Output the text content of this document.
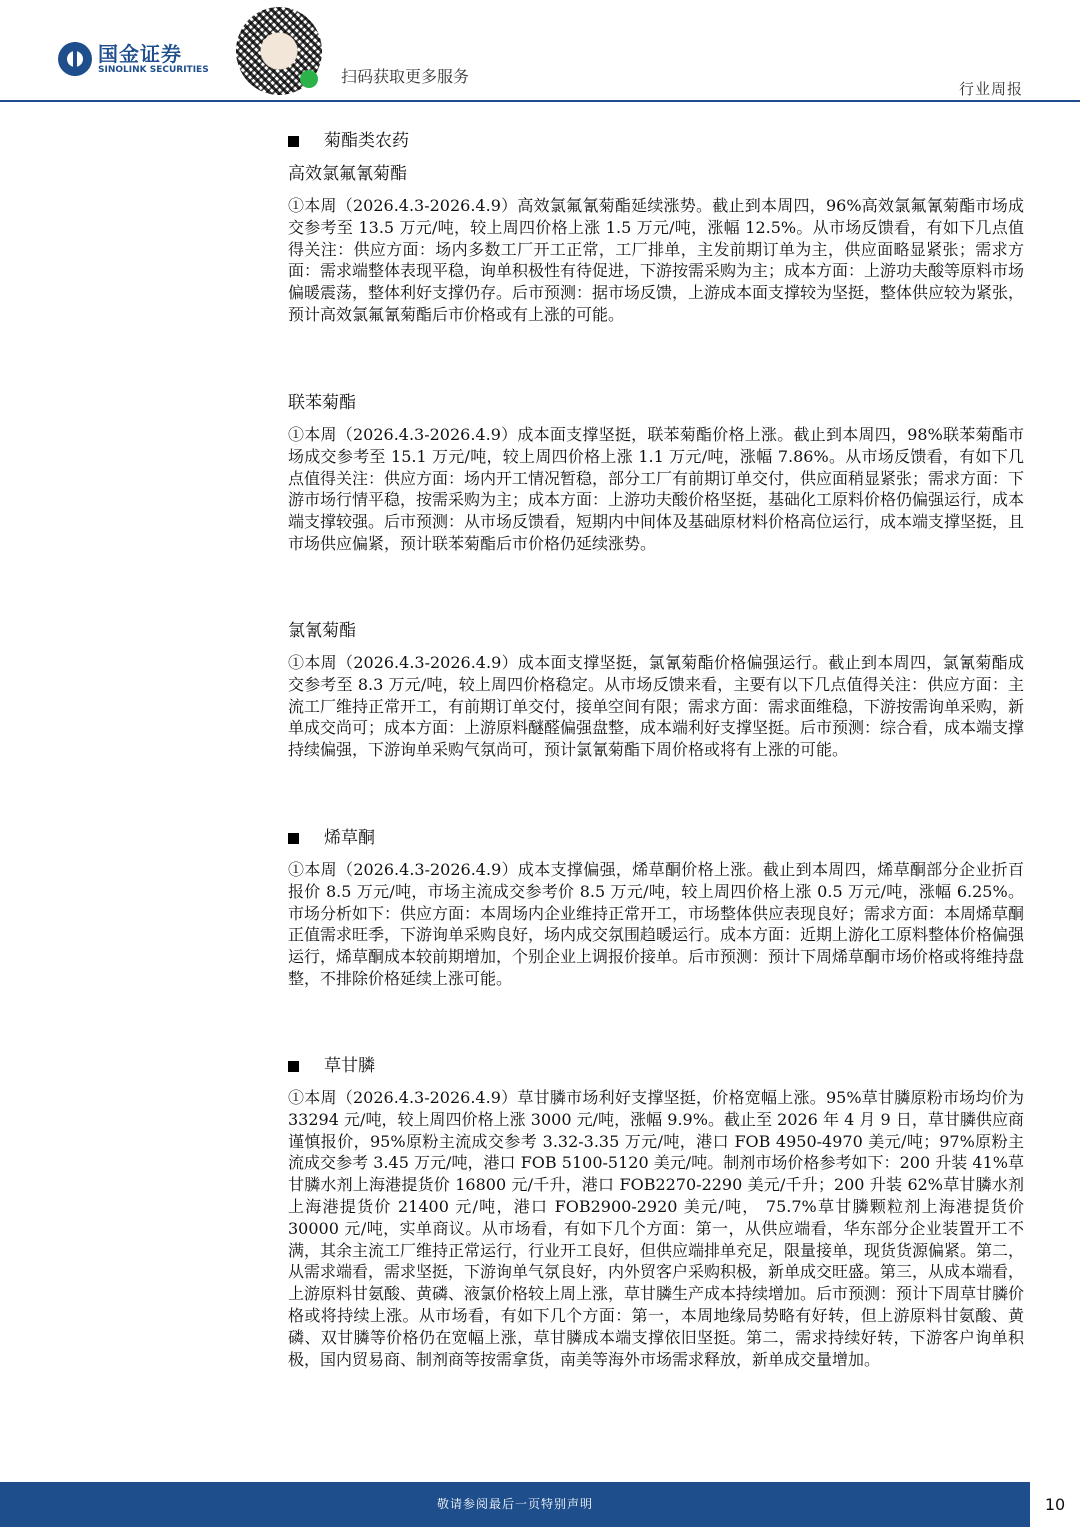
国金证券
SINOLINK SECURITIES	扫码获取更多服务
行业周报
菊酯类农药
高效氯氟氰菊酯

①本周（2026.4.3-2026.4.9）高效氯氟氰菊酯延续涨势。截止到本周四，96%高效氯氟氰菊酯市场成交参考至 13.5 万元/吨，较上周四价格上涨 1.5 万元/吨，涨幅 12.5%。从市场反馈看，有如下几点值得关注：供应方面：场内多数工厂开工正常，工厂排单，主发前期订单为主，供应面略显紧张；需求方面：需求端整体表现平稳，询单积极性有待促进，下游按需采购为主；成本方面：上游功夫酸等原料市场偏暖震荡，整体利好支撑仍存。后市预测：据市场反馈，上游成本面支撑较为坚挺，整体供应较为紧张，预计高效氯氟氰菊酯后市价格或有上涨的可能。

联苯菊酯

①本周（2026.4.3-2026.4.9）成本面支撑坚挺，联苯菊酯价格上涨。截止到本周四，98%联苯菊酯市场成交参考至 15.1 万元/吨，较上周四价格上涨 1.1 万元/吨，涨幅 7.86%。从市场反馈看，有如下几点值得关注：供应方面：场内开工情况暂稳，部分工厂有前期订单交付，供应面稍显紧张；需求方面：下游市场行情平稳，按需采购为主；成本方面：上游功夫酸价格坚挺，基础化工原料价格仍偏强运行，成本端支撑较强。后市预测：从市场反馈看，短期内中间体及基础原材料价格高位运行，成本端支撑坚挺，且市场供应偏紧，预计联苯菊酯后市价格仍延续涨势。

氯氰菊酯

①本周（2026.4.3-2026.4.9）成本面支撑坚挺，氯氰菊酯价格偏强运行。截止到本周四，氯氰菊酯成交参考至 8.3 万元/吨，较上周四价格稳定。从市场反馈来看，主要有以下几点值得关注：供应方面：主流工厂维持正常开工，有前期订单交付，接单空间有限；需求方面：需求面维稳，下游按需询单采购，新单成交尚可；成本方面：上游原料醚醛偏强盘整，成本端利好支撑坚挺。后市预测：综合看，成本端支撑持续偏强，下游询单采购气氛尚可，预计氯氰菊酯下周价格或将有上涨的可能。

烯草酮

①本周（2026.4.3-2026.4.9）成本支撑偏强，烯草酮价格上涨。截止到本周四，烯草酮部分企业折百报价 8.5 万元/吨，市场主流成交参考价 8.5 万元/吨，较上周四价格上涨 0.5 万元/吨，涨幅 6.25%。市场分析如下：供应方面：本周场内企业维持正常开工，市场整体供应表现良好；需求方面：本周烯草酮正值需求旺季，下游询单采购良好，场内成交氛围趋暖运行。成本方面：近期上游化工原料整体价格偏强运行，烯草酮成本较前期增加，个别企业上调报价接单。后市预测：预计下周烯草酮市场价格或将维持盘整，不排除价格延续上涨可能。

草甘膦

①本周（2026.4.3-2026.4.9）草甘膦市场利好支撑坚挺，价格宽幅上涨。95%草甘膦原粉市场均价为 33294 元/吨，较上周四价格上涨 3000 元/吨，涨幅 9.9%。截止至 2026 年 4 月 9 日，草甘膦供应商谨慎报价，95%原粉主流成交参考 3.32-3.35 万元/吨，港口 FOB 4950-4970 美元/吨；97%原粉主流成交参考 3.45 万元/吨，港口 FOB 5100-5120 美元/吨。制剂市场价格参考如下：200 升装 41%草甘膦水剂上海港提货价 16800 元/千升，港口 FOB2270-2290 美元/千升；200 升装 62%草甘膦水剂上海港提货价 21400 元/吨，港口 FOB2900-2920 美元/吨， 75.7%草甘膦颗粒剂上海港提货价 30000 元/吨，实单商议。从市场看，有如下几个方面：第一，从供应端看，华东部分企业装置开工不满，其余主流工厂维持正常运行，行业开工良好，但供应端排单充足，限量接单，现货货源偏紧。第二，从需求端看，需求坚挺，下游询单气氛良好，内外贸客户采购积极，新单成交旺盛。第三，从成本端看，上游原料甘氨酸、黄磷、液氯价格较上周上涨，草甘膦生产成本持续增加。后市预测：预计下周草甘膦价格或将持续上涨。从市场看，有如下几个方面：第一，本周地缘局势略有好转，但上游原料甘氨酸、黄磷、双甘膦等价格仍在宽幅上涨，草甘膦成本端支撑依旧坚挺。第二，需求持续好转，下游客户询单积极，国内贸易商、制剂商等按需拿货，南美等海外市场需求释放，新单成交量增加。

敬请参阅最后一页特别声明	10
